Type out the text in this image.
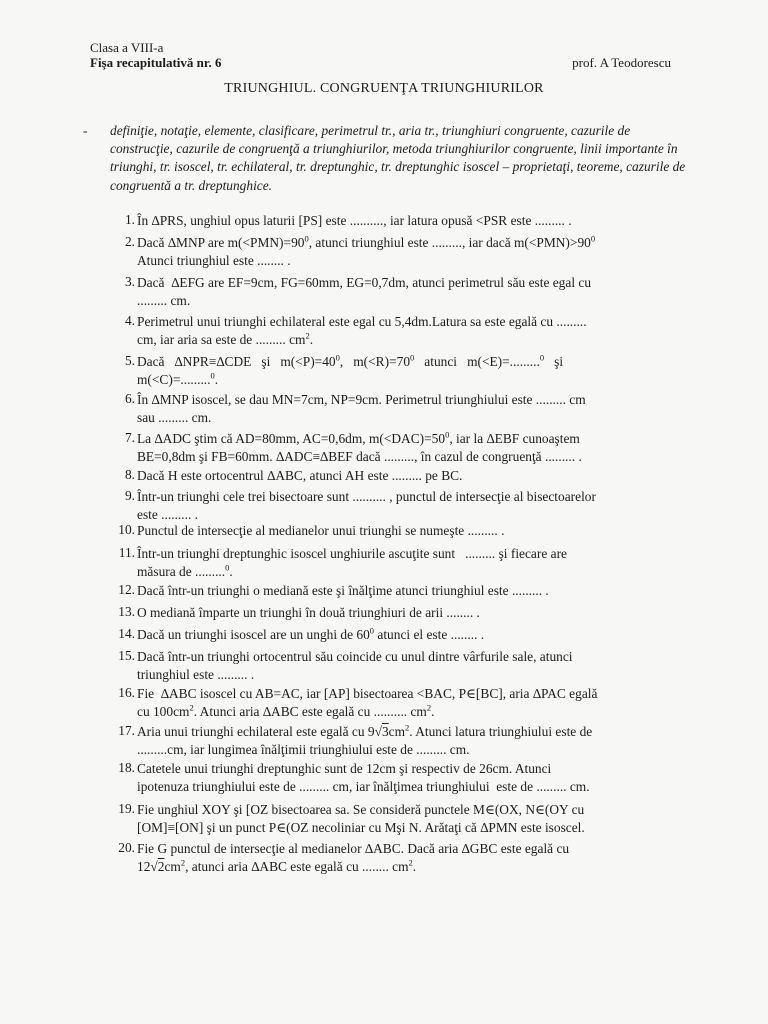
Clasa a VIII-a
Fişa recapitulativă nr. 6	prof. A Teodorescu
TRIUNGHIUL. CONGRUENŢA TRIUNGHIURILOR
- definiţie, notaţie, elemente, clasificare, perimetrul tr., aria tr., triunghiuri congruente, cazurile de construcţie, cazurile de congruenţă a triunghiurilor, metoda triunghiurilor congruente, linii importante în triunghi, tr. isoscel, tr. echilateral, tr. dreptunghic, tr. dreptunghic isoscel – proprietaţi, teoreme, cazurile de congruentă a tr. dreptunghice.
1. În ∆PRS, unghiul opus laturii [PS] este .........., iar latura opusă <PSR este ......... .
2. Dacă ∆MNP are $m(<PMN)=90^0$, atunci triunghiul este ........., iar dacă $m(<PMN)>90^0$
Atunci triunghiul este ........ .
3. Dacă  ∆EFG are EF=9cm, FG=60mm, EG=0,7dm, atunci perimetrul său este egal cu
......... cm.
4. Perimetrul unui triunghi echilateral este egal cu 5,4dm.Latura sa este egală cu .........
cm, iar aria sa este de ......... $cm^2$.
5. Dacă   ∆NPR≡∆CDE   şi   $m(<P)=40^0$,   $m(<R)=70^0$   atunci   m(<E)=.........$^0$   şi
m(<C)=.........$^0$.
6. În ∆MNP isoscel, se dau MN=7cm, NP=9cm. Perimetrul triunghiului este ......... cm
sau ......... cm.
7. La ∆ADC ştim că AD=80mm, AC=0,6dm, $m(<DAC)=50^0$, iar la ∆EBF cunoaştem
BE=0,8dm şi FB=60mm. ∆ADC≡∆BEF dacă ........., în cazul de congruenţă ......... .
8. Dacă H este ortocentrul ∆ABC, atunci AH este ......... pe BC.
9. Într-un triunghi cele trei bisectoare sunt .......... , punctul de intersecţie al bisectoarelor
este ......... .
10. Punctul de intersecţie al medianelor unui triunghi se numeşte ......... .
11. Într-un triunghi dreptunghic isoscel unghiurile ascuţite sunt   ......... şi fiecare are
măsura de .........$^0$.
12. Dacă într-un triunghi o mediană este şi înălţime atunci triunghiul este ......... .
13. O mediană împarte un triunghi în două triunghiuri de arii ........ .
14. Dacă un triunghi isoscel are un unghi de $60^0$ atunci el este ........ .
15. Dacă într-un triunghi ortocentrul său coincide cu unul dintre vârfurile sale, atunci
triunghiul este ......... .
16. Fie  ∆ABC isoscel cu AB=AC, iar [AP] bisectoarea <BAC, P∈[BC], aria ∆PAC egală
cu $100cm^2$. Atunci aria ∆ABC este egală cu .......... $cm^2$.
17. Aria unui triunghi echilateral este egală cu $9√3cm^2$. Atunci latura triunghiului este de
.........cm, iar lungimea înălţimii triunghiului este de ......... cm.
18. Catetele unui triunghi dreptunghic sunt de 12cm şi respectiv de 26cm. Atunci
ipotenuza triunghiului este de ......... cm, iar înălţimea triunghiului  este de ......... cm.
19. Fie unghiul XOY şi [OZ bisectoarea sa. Se consideră punctele M∈(OX, N∈(OY cu
[OM]≡[ON] şi un punct P∈(OZ necoliniar cu Mşi N. Arătaţi că ∆PMN este isoscel.
20. Fie G punctul de intersecţie al medianelor ∆ABC. Dacă aria ∆GBC este egală cu
$12√2cm^2$, atunci aria ∆ABC este egală cu ........ $cm^2$.
